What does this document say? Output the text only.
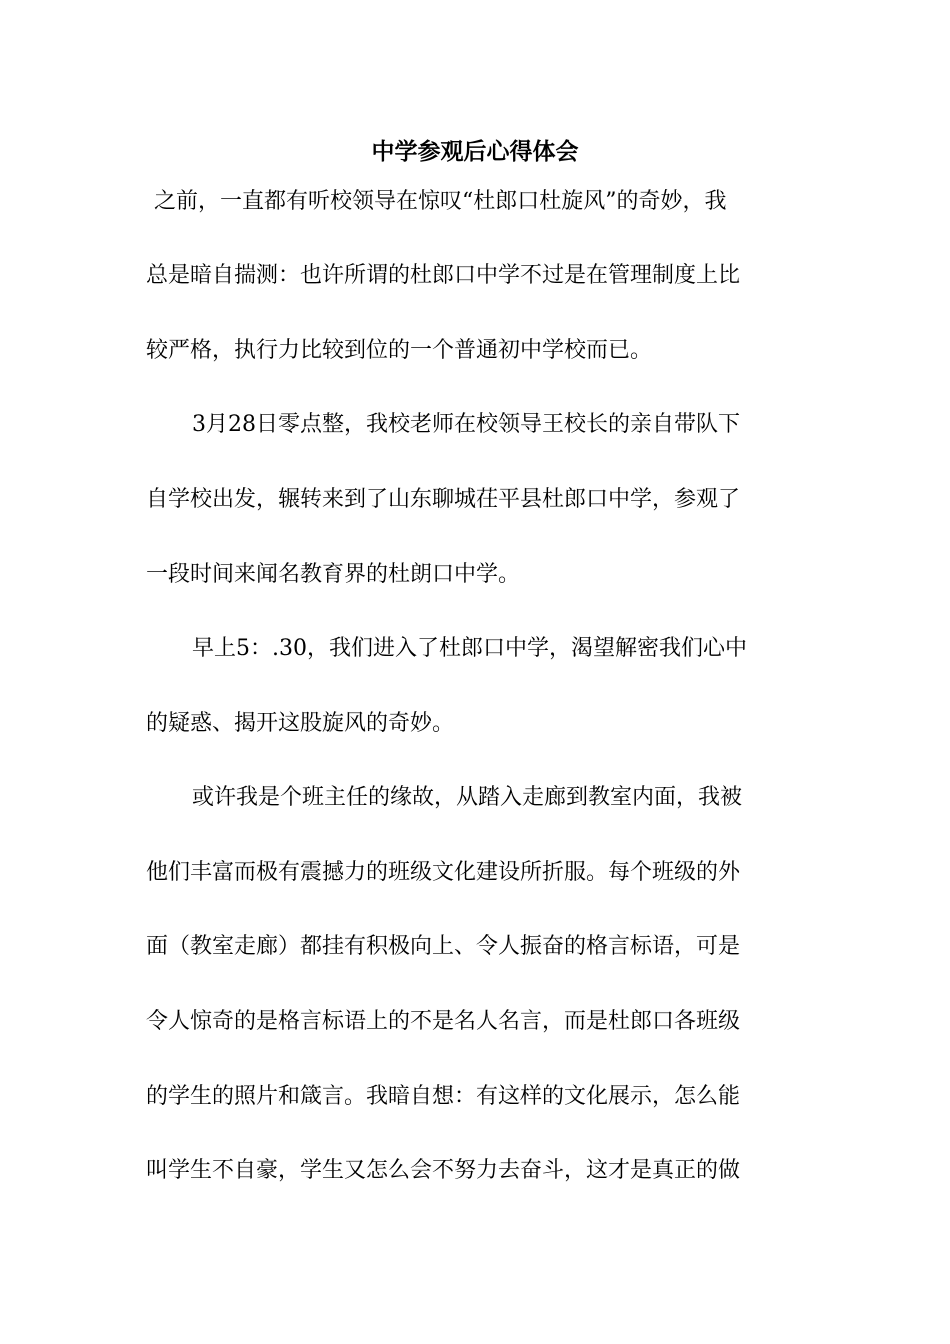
中学参观后心得体会

之前，一直都有听校领导在惊叹“杜郎口杜旋风”的奇妙，我

总是暗自揣测：也许所谓的杜郎口中学不过是在管理制度上比

较严格，执行力比较到位的一个普通初中学校而已。

3月28日零点整，我校老师在校领导王校长的亲自带队下

自学校出发，辗转来到了山东聊城茌平县杜郎口中学，参观了

一段时间来闻名教育界的杜朗口中学。

早上5：.30，我们进入了杜郎口中学，渴望解密我们心中

的疑惑、揭开这股旋风的奇妙。

或许我是个班主任的缘故，从踏入走廊到教室内面，我被

他们丰富而极有震撼力的班级文化建设所折服。每个班级的外

面（教室走廊）都挂有积极向上、令人振奋的格言标语，可是

令人惊奇的是格言标语上的不是名人名言，而是杜郎口各班级

的学生的照片和箴言。我暗自想：有这样的文化展示，怎么能

叫学生不自豪，学生又怎么会不努力去奋斗，这才是真正的做
